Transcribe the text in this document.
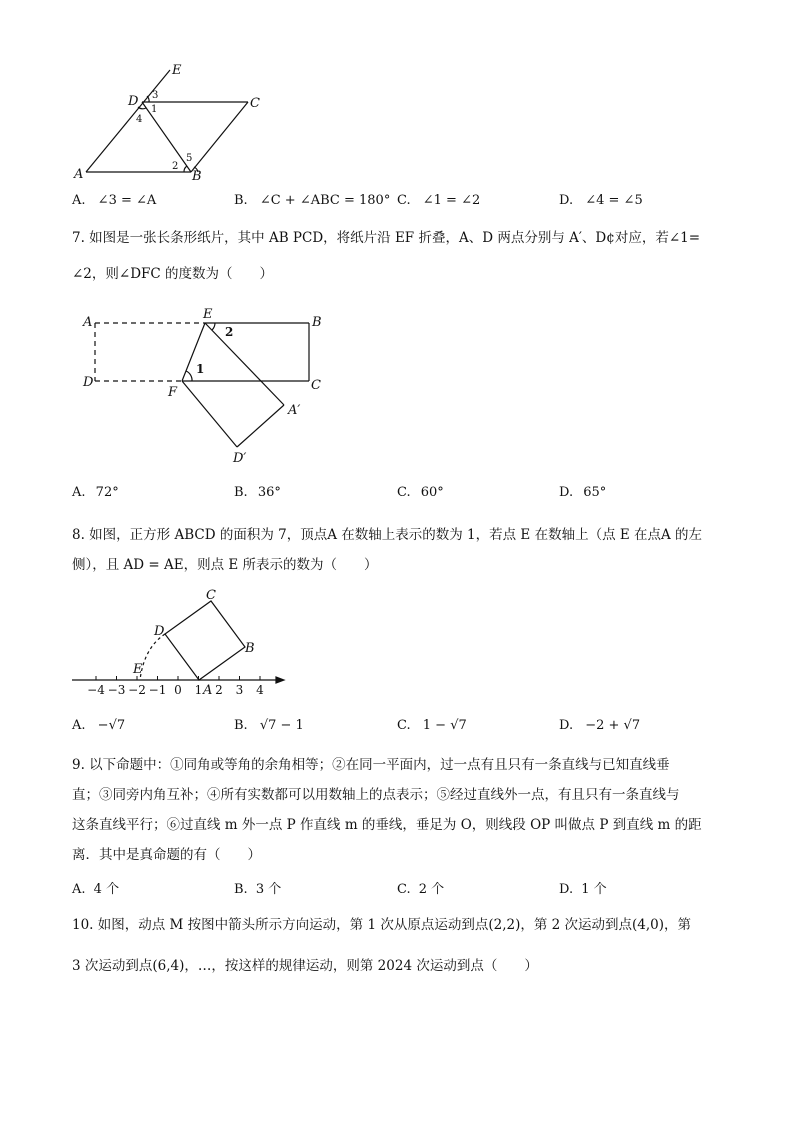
E
D	C
A	B
3
1
4
2
5
A. ∠3 = ∠A	B. ∠C + ∠ABC = 180° C. ∠1 = ∠2	D. ∠4 = ∠5
7. 如图是一张长条形纸片，其中 AB PCD，将纸片沿 EF 折叠，A、D 两点分别与 A′、D¢对应，若∠1=
∠2，则∠DFC 的度数为（　　）
A
E
B
D
F	C
A′
D′
2
1
A. 72°	B. 36°	C. 60°	D. 65°
8. 如图，正方形 ABCD 的面积为 7，顶点A 在数轴上表示的数为 1，若点 E 在数轴上（点 E 在点A 的左
侧），且 AD = AE，则点 E 所表示的数为（　　）
−4 −3 −2 −1 0 1 2 3 4
C
D
B
E
A
A. −√7	B. √7 − 1	C. 1 − √7	D. −2 + √7
9. 以下命题中：①同角或等角的余角相等；②在同一平面内，过一点有且只有一条直线与已知直线垂
直；③同旁内角互补；④所有实数都可以用数轴上的点表示；⑤经过直线外一点，有且只有一条直线与
这条直线平行；⑥过直线 m 外一点 P 作直线 m 的垂线，垂足为 O，则线段 OP 叫做点 P 到直线 m 的距
离．其中是真命题的有（　　）
A. 4 个	B. 3 个	C. 2 个	D. 1 个
10. 如图，动点 M 按图中箭头所示方向运动，第 1 次从原点运动到点(2,2)，第 2 次运动到点(4,0)，第
3 次运动到点(6,4)，…，按这样的规律运动，则第 2024 次运动到点（　　）
